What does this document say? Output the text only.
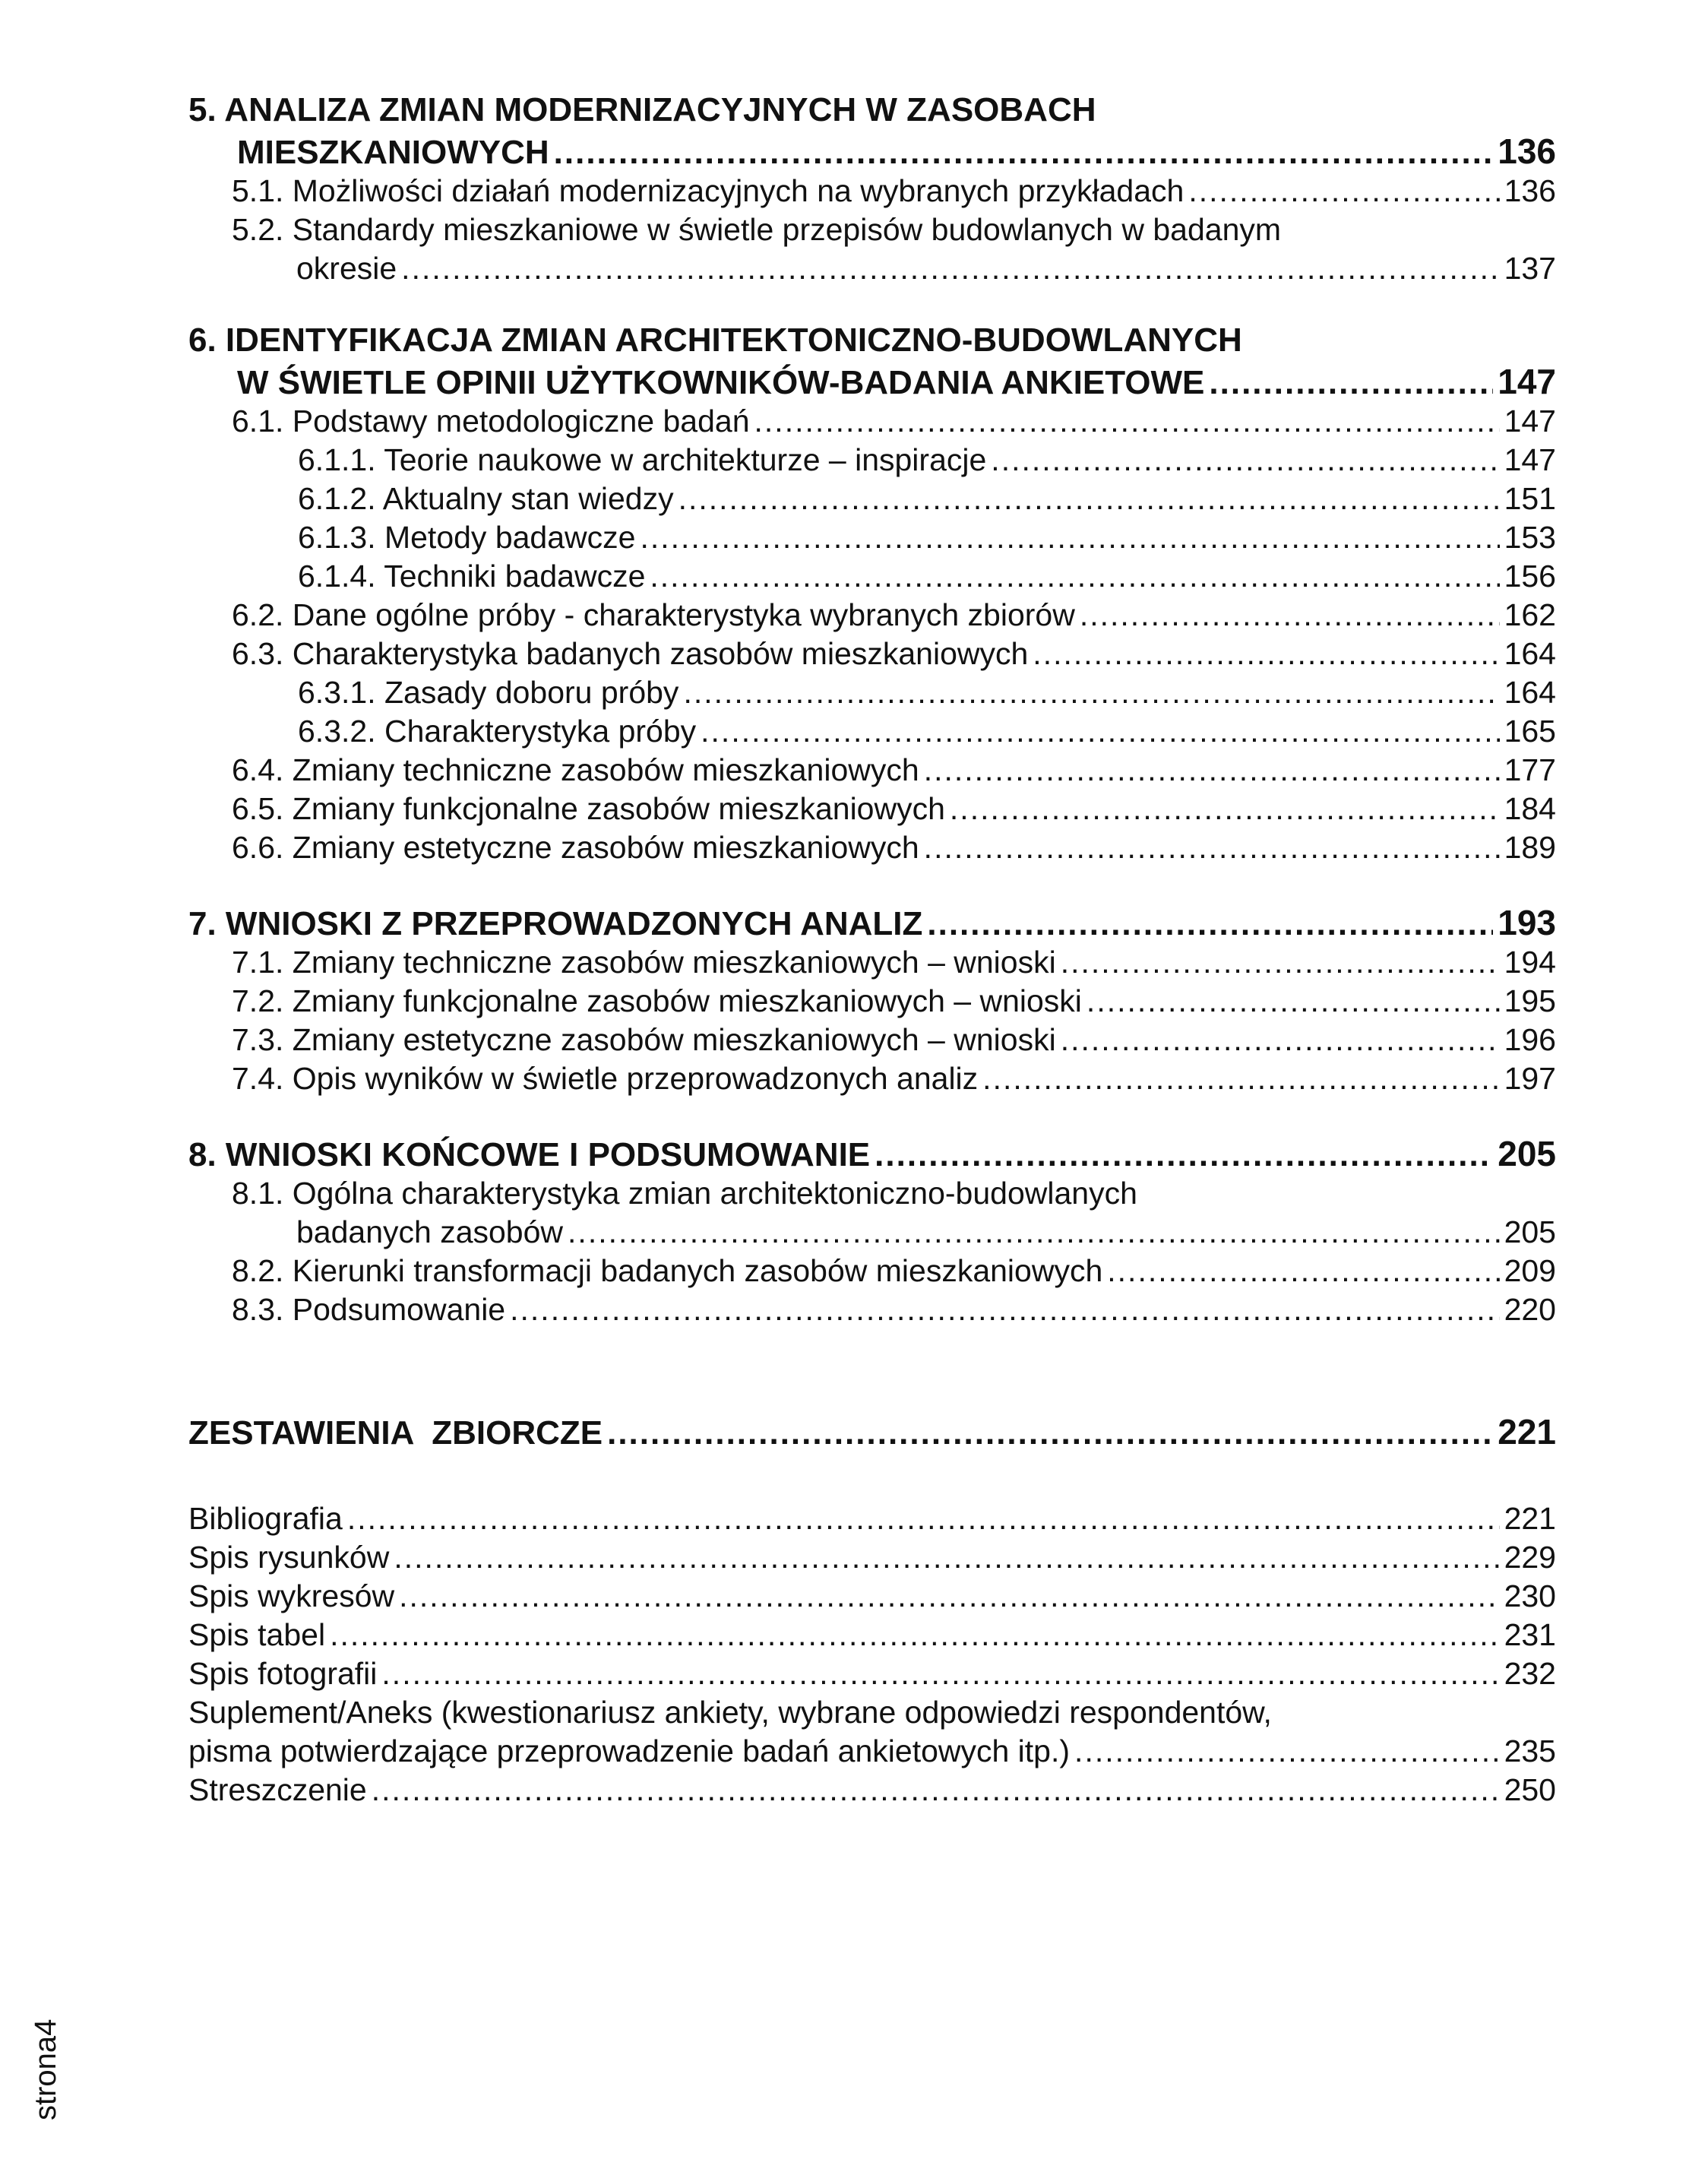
5. ANALIZA ZMIAN MODERNIZACYJNYCH W ZASOBACH
MIESZKANIOWYCH .....	136
5.1. Możliwości działań modernizacyjnych na wybranych przykładach .....	136
5.2. Standardy mieszkaniowe w świetle przepisów budowlanych w badanym
okresie .....	137
6. IDENTYFIKACJA ZMIAN ARCHITEKTONICZNO-BUDOWLANYCH
W ŚWIETLE OPINII UŻYTKOWNIKÓW-BADANIA ANKIETOWE .....	147
6.1. Podstawy metodologiczne badań .....	147
6.1.1. Teorie naukowe w architekturze – inspiracje .....	147
6.1.2. Aktualny stan wiedzy .....	151
6.1.3. Metody badawcze .....	153
6.1.4. Techniki badawcze .....	156
6.2. Dane ogólne próby - charakterystyka wybranych zbiorów .....	162
6.3. Charakterystyka badanych zasobów mieszkaniowych .....	164
6.3.1. Zasady doboru próby .....	164
6.3.2. Charakterystyka próby .....	165
6.4. Zmiany techniczne zasobów mieszkaniowych .....	177
6.5. Zmiany funkcjonalne zasobów mieszkaniowych .....	184
6.6. Zmiany estetyczne zasobów mieszkaniowych .....	189
7. WNIOSKI Z PRZEPROWADZONYCH ANALIZ .....	193
7.1. Zmiany techniczne zasobów mieszkaniowych – wnioski .....	194
7.2. Zmiany funkcjonalne zasobów mieszkaniowych – wnioski .....	195
7.3. Zmiany estetyczne zasobów mieszkaniowych – wnioski .....	196
7.4. Opis wyników w świetle przeprowadzonych analiz .....	197
8. WNIOSKI KOŃCOWE I PODSUMOWANIE .....	205
8.1. Ogólna charakterystyka zmian architektoniczno-budowlanych
badanych zasobów .....	205
8.2. Kierunki transformacji badanych zasobów mieszkaniowych .....	209
8.3. Podsumowanie .....	220
ZESTAWIENIA  ZBIORCZE .....	221
Bibliografia .....	221
Spis rysunków .....	229
Spis wykresów .....	230
Spis tabel .....	231
Spis fotografii .....	232
Suplement/Aneks (kwestionariusz ankiety, wybrane odpowiedzi respondentów,
pisma potwierdzające przeprowadzenie badań ankietowych itp.) .....	235
Streszczenie .....	250
strona4
